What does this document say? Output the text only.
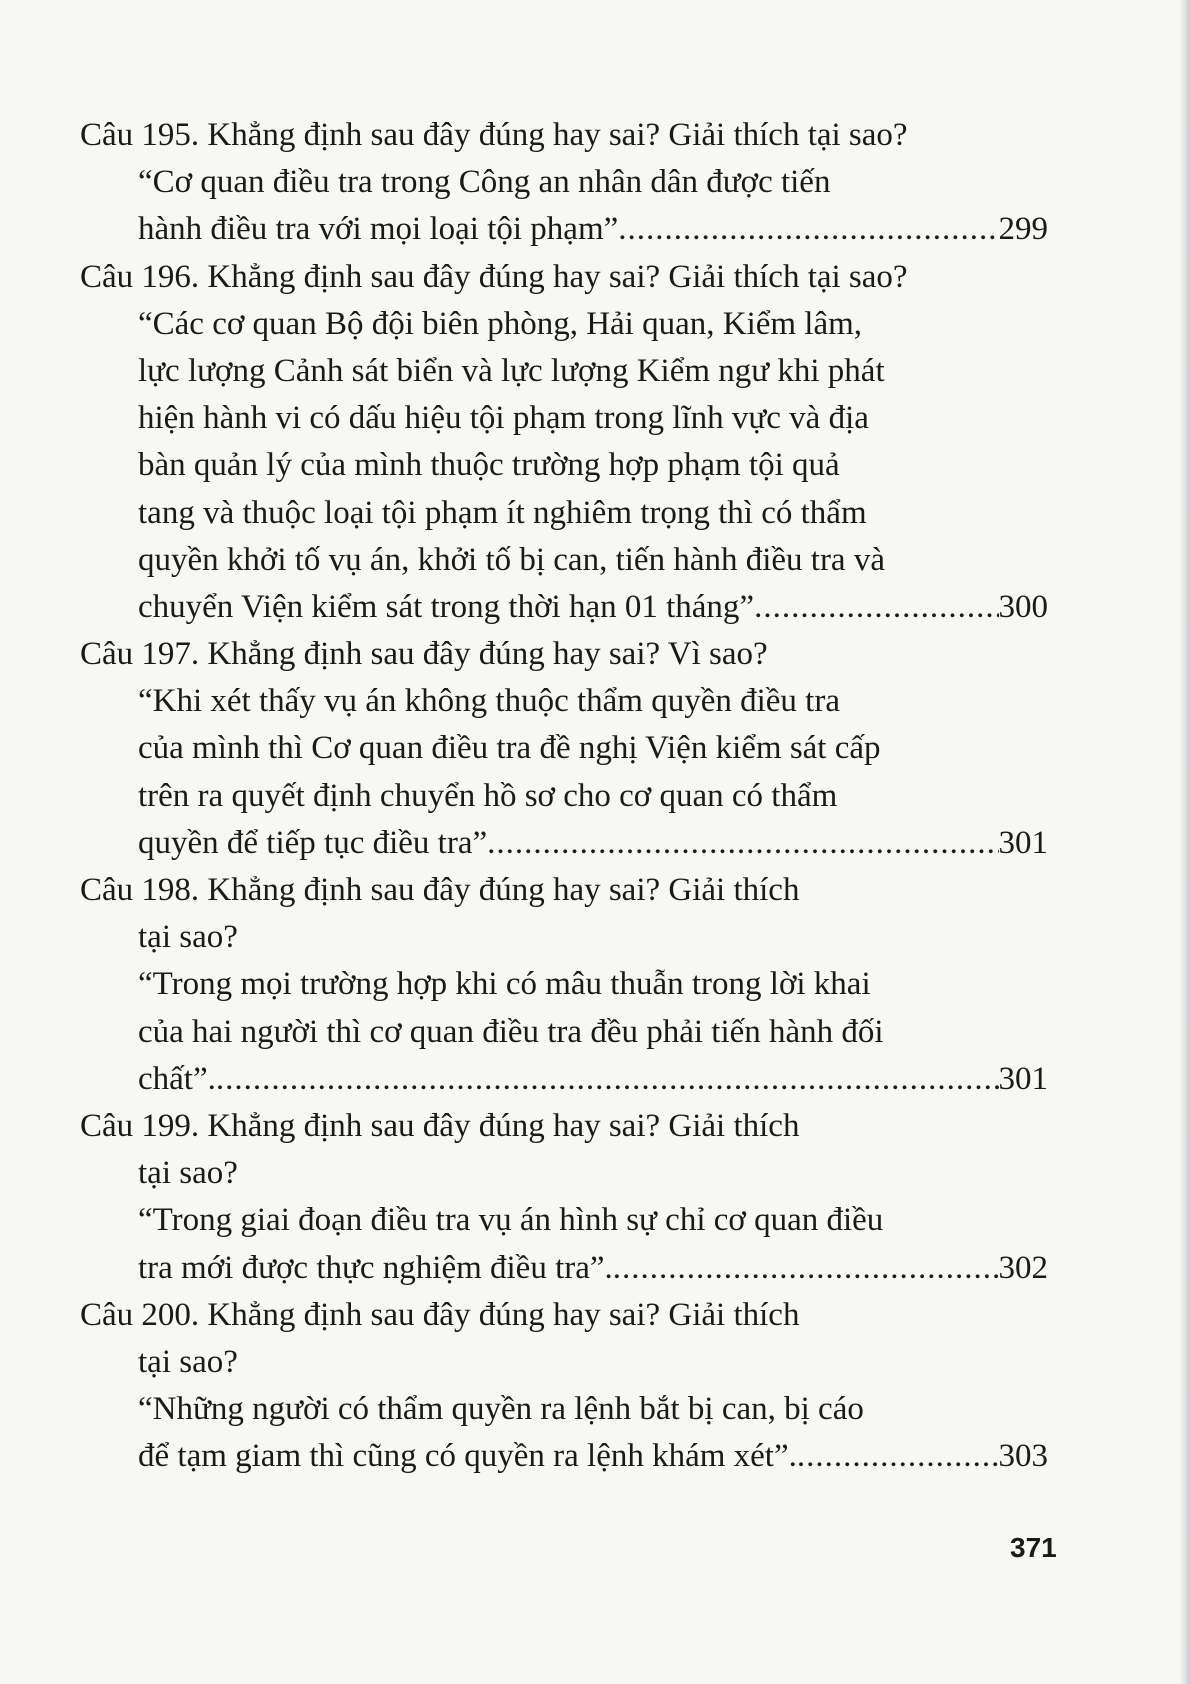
Câu 195. Khẳng định sau đây đúng hay sai? Giải thích tại sao?
“Cơ quan điều tra trong Công an nhân dân được tiến
hành điều tra với mọi loại tội phạm” .....	299
Câu 196. Khẳng định sau đây đúng hay sai? Giải thích tại sao?
“Các cơ quan Bộ đội biên phòng, Hải quan, Kiểm lâm,
lực lượng Cảnh sát biển và lực lượng Kiểm ngư khi phát
hiện hành vi có dấu hiệu tội phạm trong lĩnh vực và địa
bàn quản lý của mình thuộc trường hợp phạm tội quả
tang và thuộc loại tội phạm ít nghiêm trọng thì có thẩm
quyền khởi tố vụ án, khởi tố bị can, tiến hành điều tra và
chuyển Viện kiểm sát trong thời hạn 01 tháng” .....	300
Câu 197. Khẳng định sau đây đúng hay sai? Vì sao?
“Khi xét thấy vụ án không thuộc thẩm quyền điều tra
của mình thì Cơ quan điều tra đề nghị Viện kiểm sát cấp
trên ra quyết định chuyển hồ sơ cho cơ quan có thẩm
quyền để tiếp tục điều tra” .....	301
Câu 198. Khẳng định sau đây đúng hay sai? Giải thích
tại sao?
“Trong mọi trường hợp khi có mâu thuẫn trong lời khai
của hai người thì cơ quan điều tra đều phải tiến hành đối
chất”. .....	301
Câu 199. Khẳng định sau đây đúng hay sai? Giải thích
tại sao?
“Trong giai đoạn điều tra vụ án hình sự chỉ cơ quan điều
tra mới được thực nghiệm điều tra”. .....	302
Câu 200. Khẳng định sau đây đúng hay sai? Giải thích
tại sao?
“Những người có thẩm quyền ra lệnh bắt bị can, bị cáo
để tạm giam thì cũng có quyền ra lệnh khám xét”. .....	303
371
